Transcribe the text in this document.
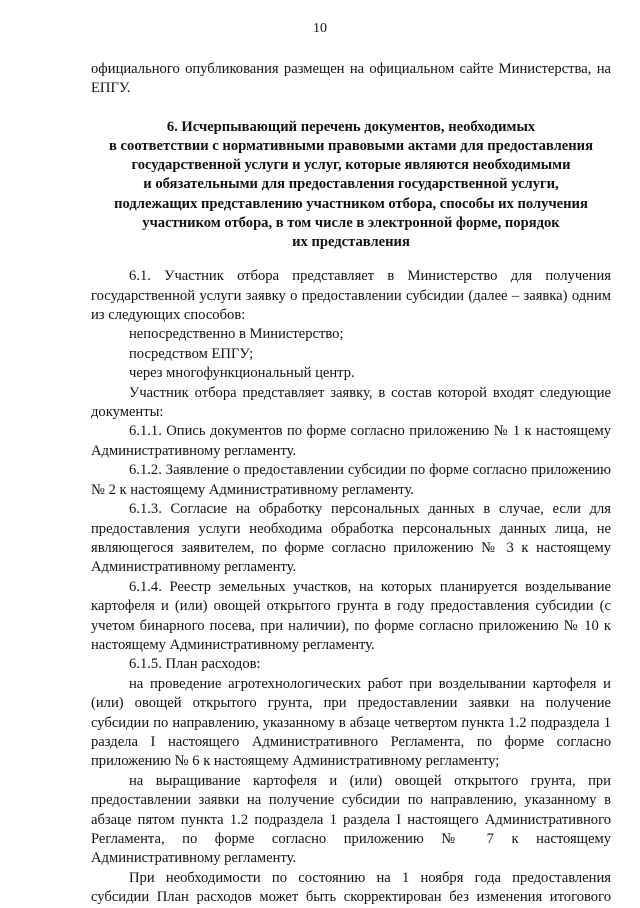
10

официального опубликования размещен на официальном сайте Министерства, на ЕПГУ.

6. Исчерпывающий перечень документов, необходимых
в соответствии с нормативными правовыми актами для предоставления
государственной услуги и услуг, которые являются необходимыми
и обязательными для предоставления государственной услуги,
подлежащих представлению участником отбора, способы их получения
участником отбора, в том числе в электронной форме, порядок
их представления

6.1. Участник отбора представляет в Министерство для получения государственной услуги заявку о предоставлении субсидии (далее – заявка) одним из следующих способов:

непосредственно в Министерство;

посредством ЕПГУ;

через многофункциональный центр.

Участник отбора представляет заявку, в состав которой входят следующие документы:

6.1.1. Опись документов по форме согласно приложению № 1 к настоящему Административному регламенту.

6.1.2. Заявление о предоставлении субсидии по форме согласно приложению № 2 к настоящему Административному регламенту.

6.1.3. Согласие на обработку персональных данных в случае, если для предоставления услуги необходима обработка персональных данных лица, не являющегося заявителем, по форме согласно приложению № 3 к настоящему Административному регламенту.

6.1.4. Реестр земельных участков, на которых планируется возделывание картофеля и (или) овощей открытого грунта в году предоставления субсидии (с учетом бинарного посева, при наличии), по форме согласно приложению № 10 к настоящему Административному регламенту.

6.1.5. План расходов:

на проведение агротехнологических работ при возделывании картофеля и (или) овощей открытого грунта, при предоставлении заявки на получение субсидии по направлению, указанному в абзаце четвертом пункта 1.2 подраздела 1 раздела I настоящего Административного Регламента, по форме согласно приложению № 6 к настоящему Административному регламенту;

на выращивание картофеля и (или) овощей открытого грунта, при предоставлении заявки на получение субсидии по направлению, указанному в абзаце пятом пункта 1.2 подраздела 1 раздела I настоящего Административного Регламента, по форме согласно приложению № 7 к настоящему Административному регламенту.

При необходимости по состоянию на 1 ноября года предоставления субсидии План расходов может быть скорректирован без изменения итогового
